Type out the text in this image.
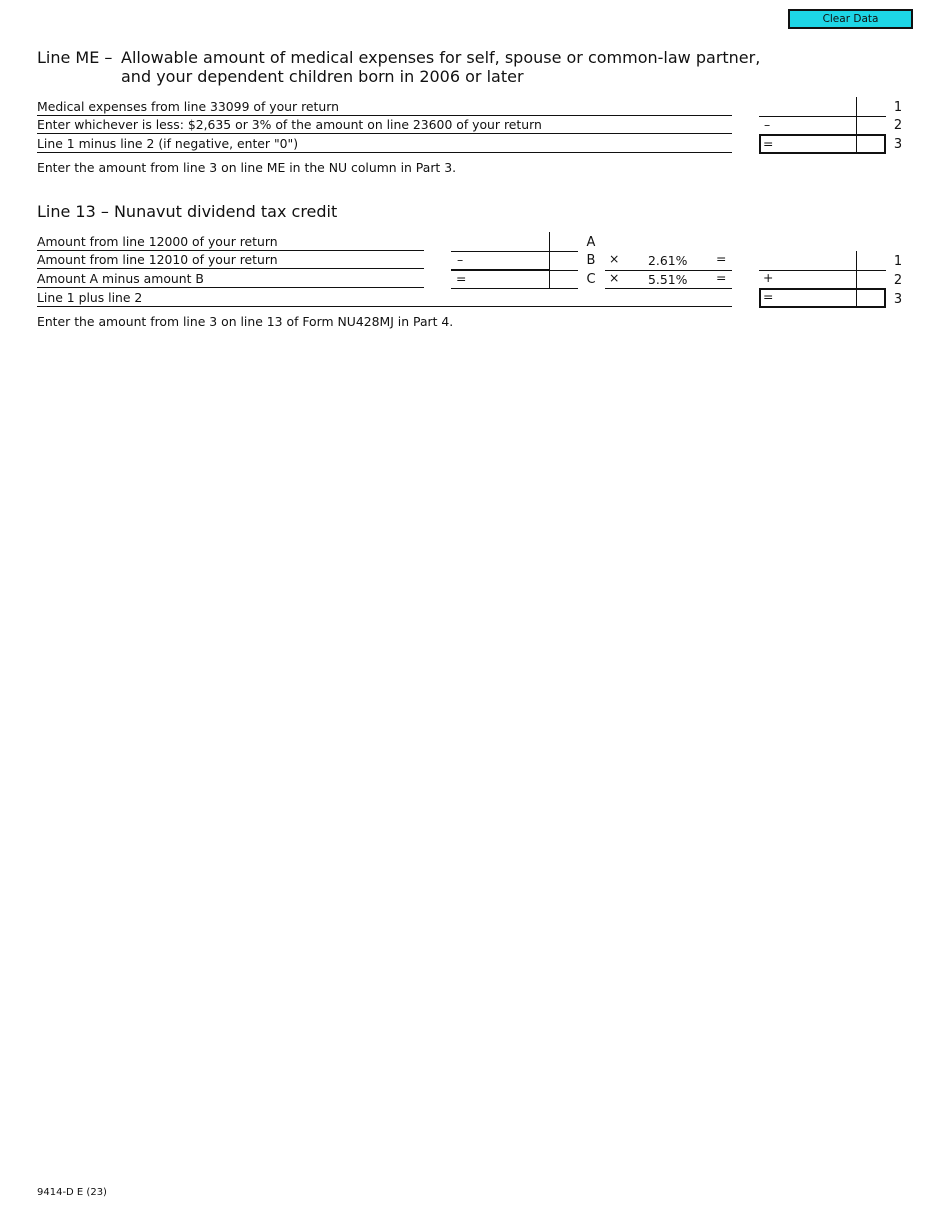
Clear Data
Line ME – Allowable amount of medical expenses for self, spouse or common-law partner,
and your dependent children born in 2006 or later
Medical expenses from line 33099 of your return
Enter whichever is less: $2,635 or 3% of the amount on line 23600 of your return
Line 1 minus line 2 (if negative, enter "0")
–
=
1
2
3
Enter the amount from line 3 on line ME in the NU column in Part 3.
Line 13 – Nunavut dividend tax credit
Amount from line 12000 of your return
Amount from line 12010 of your return
Amount A minus amount B
Line 1 plus line 2
–
=
A
B
C
× 2.61% =
× 5.51% =	+
=
1
2
3
Enter the amount from line 3 on line 13 of Form NU428MJ in Part 4.
9414-D E (23)
